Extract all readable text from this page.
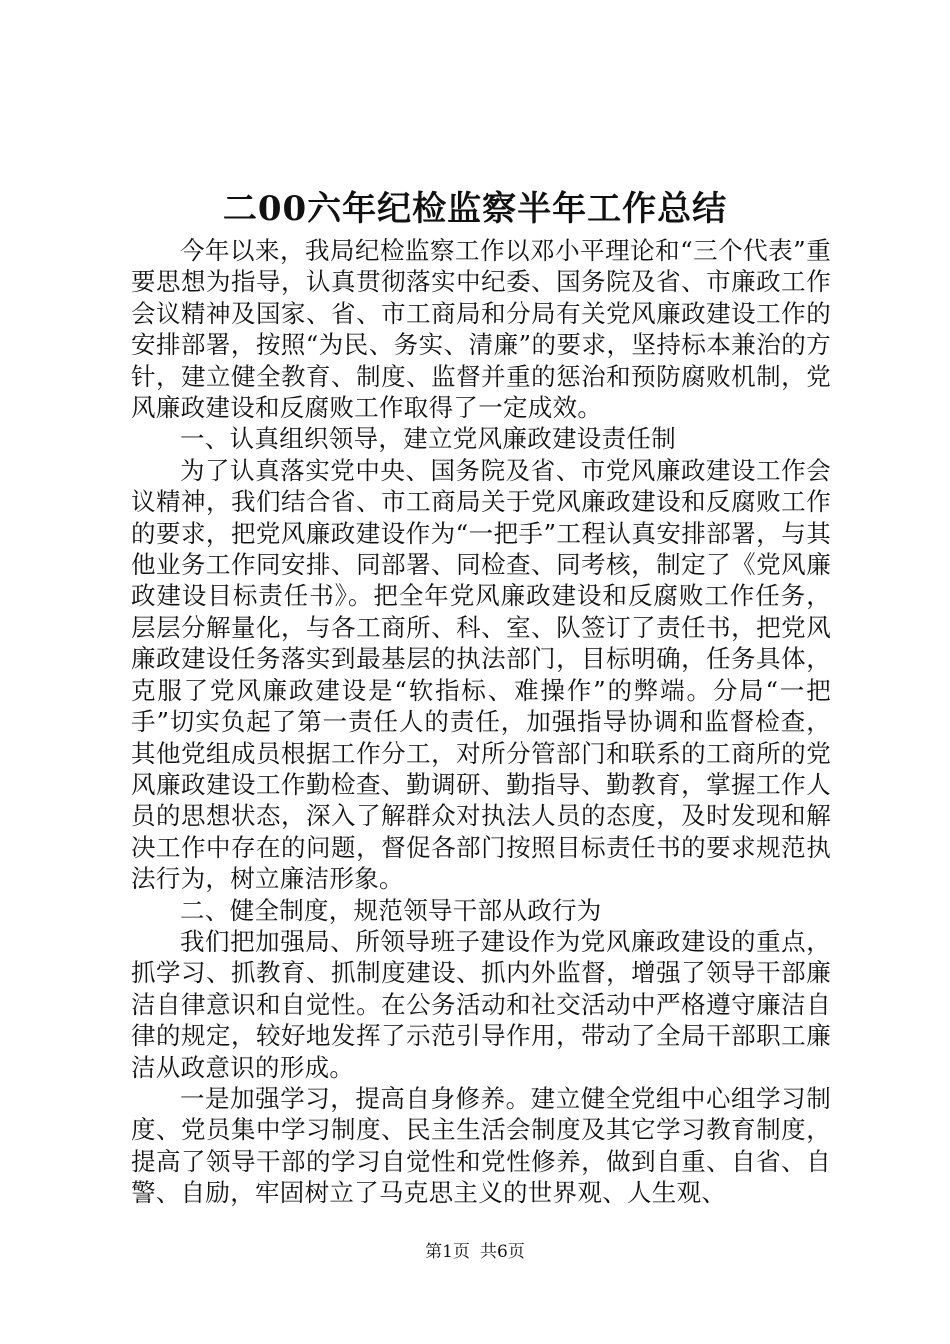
二00六年纪检监察半年工作总结

今年以来，我局纪检监察工作以邓小平理论和“三个代表”重要思想为指导，认真贯彻落实中纪委、国务院及省、市廉政工作会议精神及国家、省、市工商局和分局有关党风廉政建设工作的安排部署，按照“为民、务实、清廉”的要求，坚持标本兼治的方针，建立健全教育、制度、监督并重的惩治和预防腐败机制，党风廉政建设和反腐败工作取得了一定成效。

一、认真组织领导，建立党风廉政建设责任制

为了认真落实党中央、国务院及省、市党风廉政建设工作会议精神，我们结合省、市工商局关于党风廉政建设和反腐败工作的要求，把党风廉政建设作为“一把手”工程认真安排部署，与其他业务工作同安排、同部署、同检查、同考核，制定了《党风廉政建设目标责任书》。把全年党风廉政建设和反腐败工作任务，层层分解量化，与各工商所、科、室、队签订了责任书，把党风廉政建设任务落实到最基层的执法部门，目标明确，任务具体，克服了党风廉政建设是“软指标、难操作”的弊端。分局“一把手”切实负起了第一责任人的责任，加强指导协调和监督检查，其他党组成员根据工作分工，对所分管部门和联系的工商所的党风廉政建设工作勤检查、勤调研、勤指导、勤教育，掌握工作人员的思想状态，深入了解群众对执法人员的态度，及时发现和解决工作中存在的问题，督促各部门按照目标责任书的要求规范执法行为，树立廉洁形象。

二、健全制度，规范领导干部从政行为

我们把加强局、所领导班子建设作为党风廉政建设的重点，抓学习、抓教育、抓制度建设、抓内外监督，增强了领导干部廉洁自律意识和自觉性。在公务活动和社交活动中严格遵守廉洁自律的规定，较好地发挥了示范引导作用，带动了全局干部职工廉洁从政意识的形成。

一是加强学习，提高自身修养。建立健全党组中心组学习制度、党员集中学习制度、民主生活会制度及其它学习教育制度，提高了领导干部的学习自觉性和党性修养，做到自重、自省、自警、自励，牢固树立了马克思主义的世界观、人生观、

第1页 共6页
